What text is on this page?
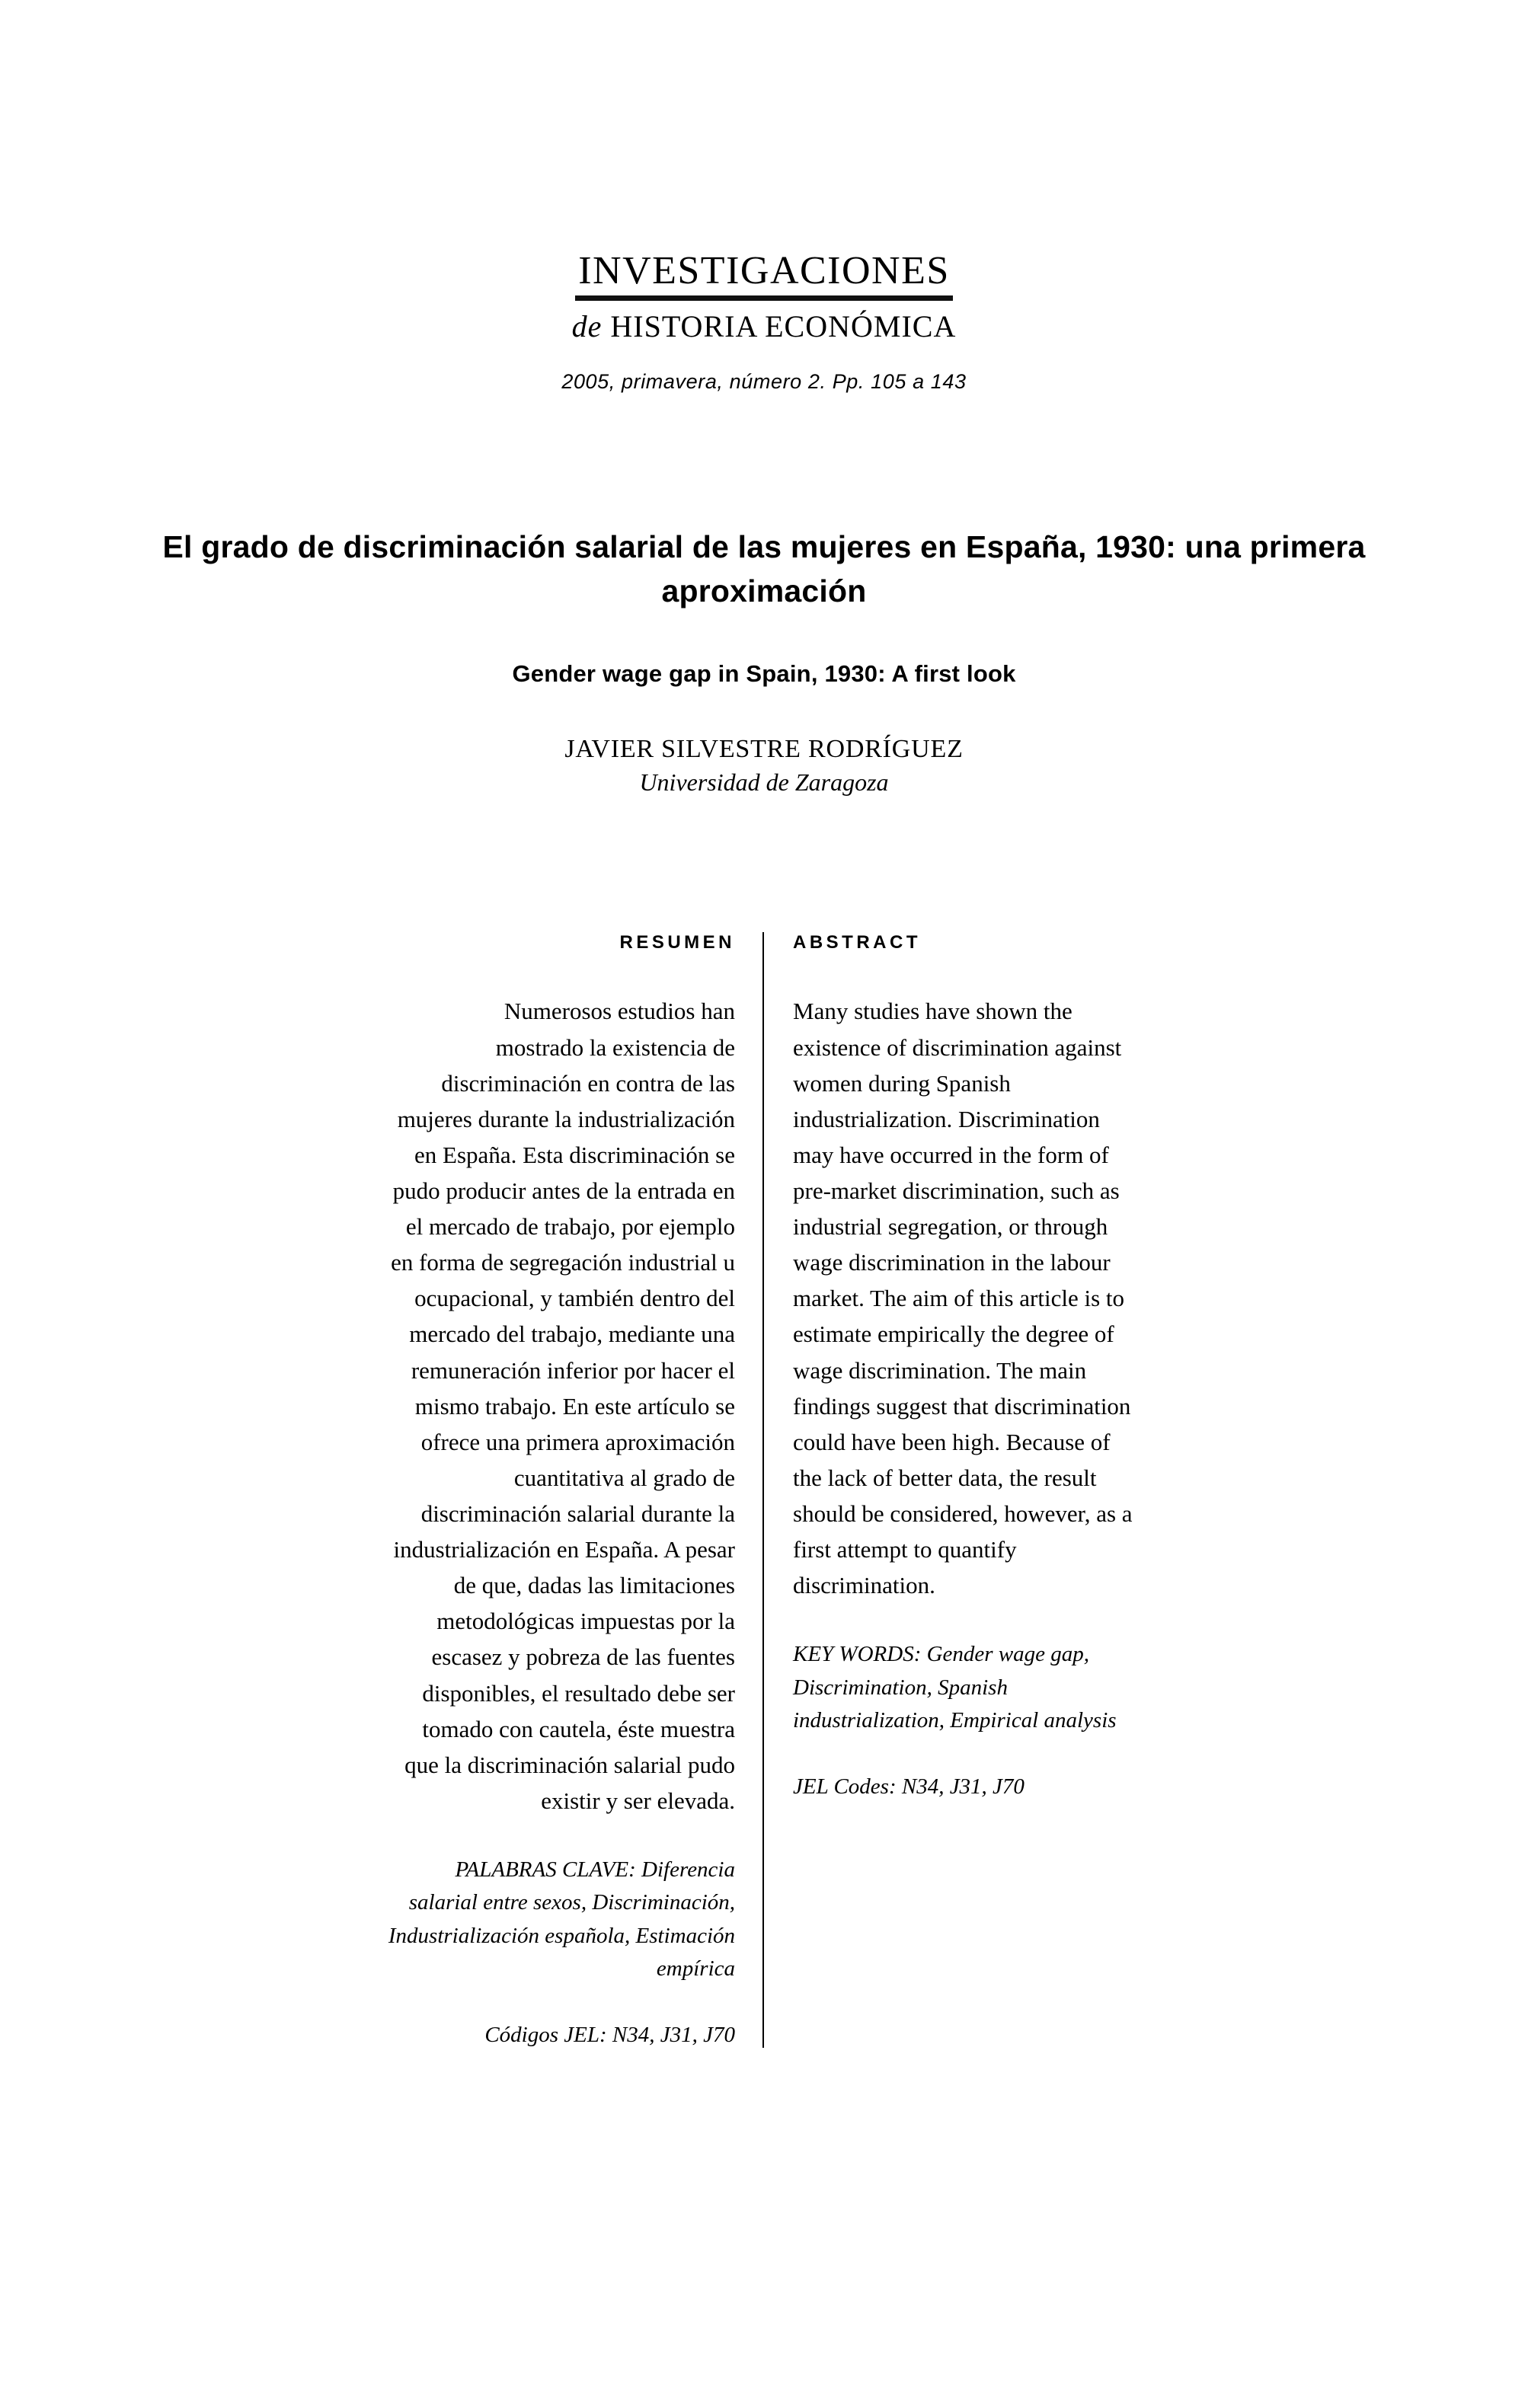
INVESTIGACIONES
de HISTORIA ECONÓMICA
2005, primavera, número 2. Pp. 105 a 143
El grado de discriminación salarial de las mujeres en España, 1930: una primera aproximación
Gender wage gap in Spain, 1930: A first look
JAVIER SILVESTRE RODRÍGUEZ
Universidad de Zaragoza
RESUMEN

Numerosos estudios han mostrado la existencia de discriminación en contra de las mujeres durante la industrialización en España. Esta discriminación se pudo producir antes de la entrada en el mercado de trabajo, por ejemplo en forma de segregación industrial u ocupacional, y también dentro del mercado del trabajo, mediante una remuneración inferior por hacer el mismo trabajo. En este artículo se ofrece una primera aproximación cuantitativa al grado de discriminación salarial durante la industrialización en España. A pesar de que, dadas las limitaciones metodológicas impuestas por la escasez y pobreza de las fuentes disponibles, el resultado debe ser tomado con cautela, éste muestra que la discriminación salarial pudo existir y ser elevada.

PALABRAS CLAVE: Diferencia salarial entre sexos, Discriminación, Industrialización española, Estimación empírica
Códigos JEL: N34, J31, J70
ABSTRACT

Many studies have shown the existence of discrimination against women during Spanish industrialization. Discrimination may have occurred in the form of pre-market discrimination, such as industrial segregation, or through wage discrimination in the labour market. The aim of this article is to estimate empirically the degree of wage discrimination. The main findings suggest that discrimination could have been high. Because of the lack of better data, the result should be considered, however, as a first attempt to quantify discrimination.

KEY WORDS: Gender wage gap, Discrimination, Spanish industrialization, Empirical analysis
JEL Codes: N34, J31, J70
